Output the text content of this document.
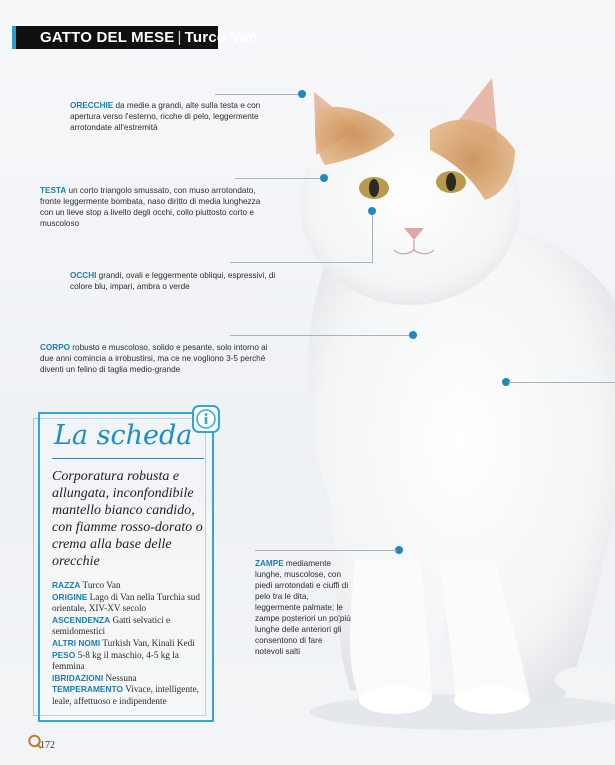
GATTO DEL MESE | Turco Van
ORECCHIE da medie a grandi, alte sulla testa e con apertura verso l'esterno, ricche di pelo, leggermente arrotondate all'estremità
TESTA un corto triangolo smussato, con muso arrotondato, fronte leggermente bombata, naso diritto di media lunghezza con un lieve stop a livello degli occhi, collo piuttosto corto e muscoloso
OCCHI grandi, ovali e leggermente obliqui, espressivi, di colore blu, impari, ambra o verde
CORPO robusto e muscoloso, solido e pesante, solo intorno ai due anni comincia a irrobustirsi, ma ce ne vogliono 3-5 perché diventi un felino di taglia medio-grande
ZAMPE mediamente lunghe, muscolose, con piedi arrotondati e ciuffi di pelo tra le dita, leggermente palmate; le zampe posteriori un po'più lunghe delle anteriori gli consentono di fare notevoli salti
La scheda
Corporatura robusta e allungata, inconfondibile mantello bianco candido, con fiamme rosso-dorato o crema alla base delle orecchie
RAZZA Turco Van
ORIGINE Lago di Van nella Turchia sud orientale, XIV-XV secolo
ASCENDENZA Gatti selvatici e semidomestici
ALTRI NOMI Turkish Van, Kinali Kedi
PESO 5-8 kg il maschio, 4-5 kg la femmina
IBRIDAZIONI Nessuna
TEMPERAMENTO Vivace, intelligente, leale, affettuoso e indipendente
172
